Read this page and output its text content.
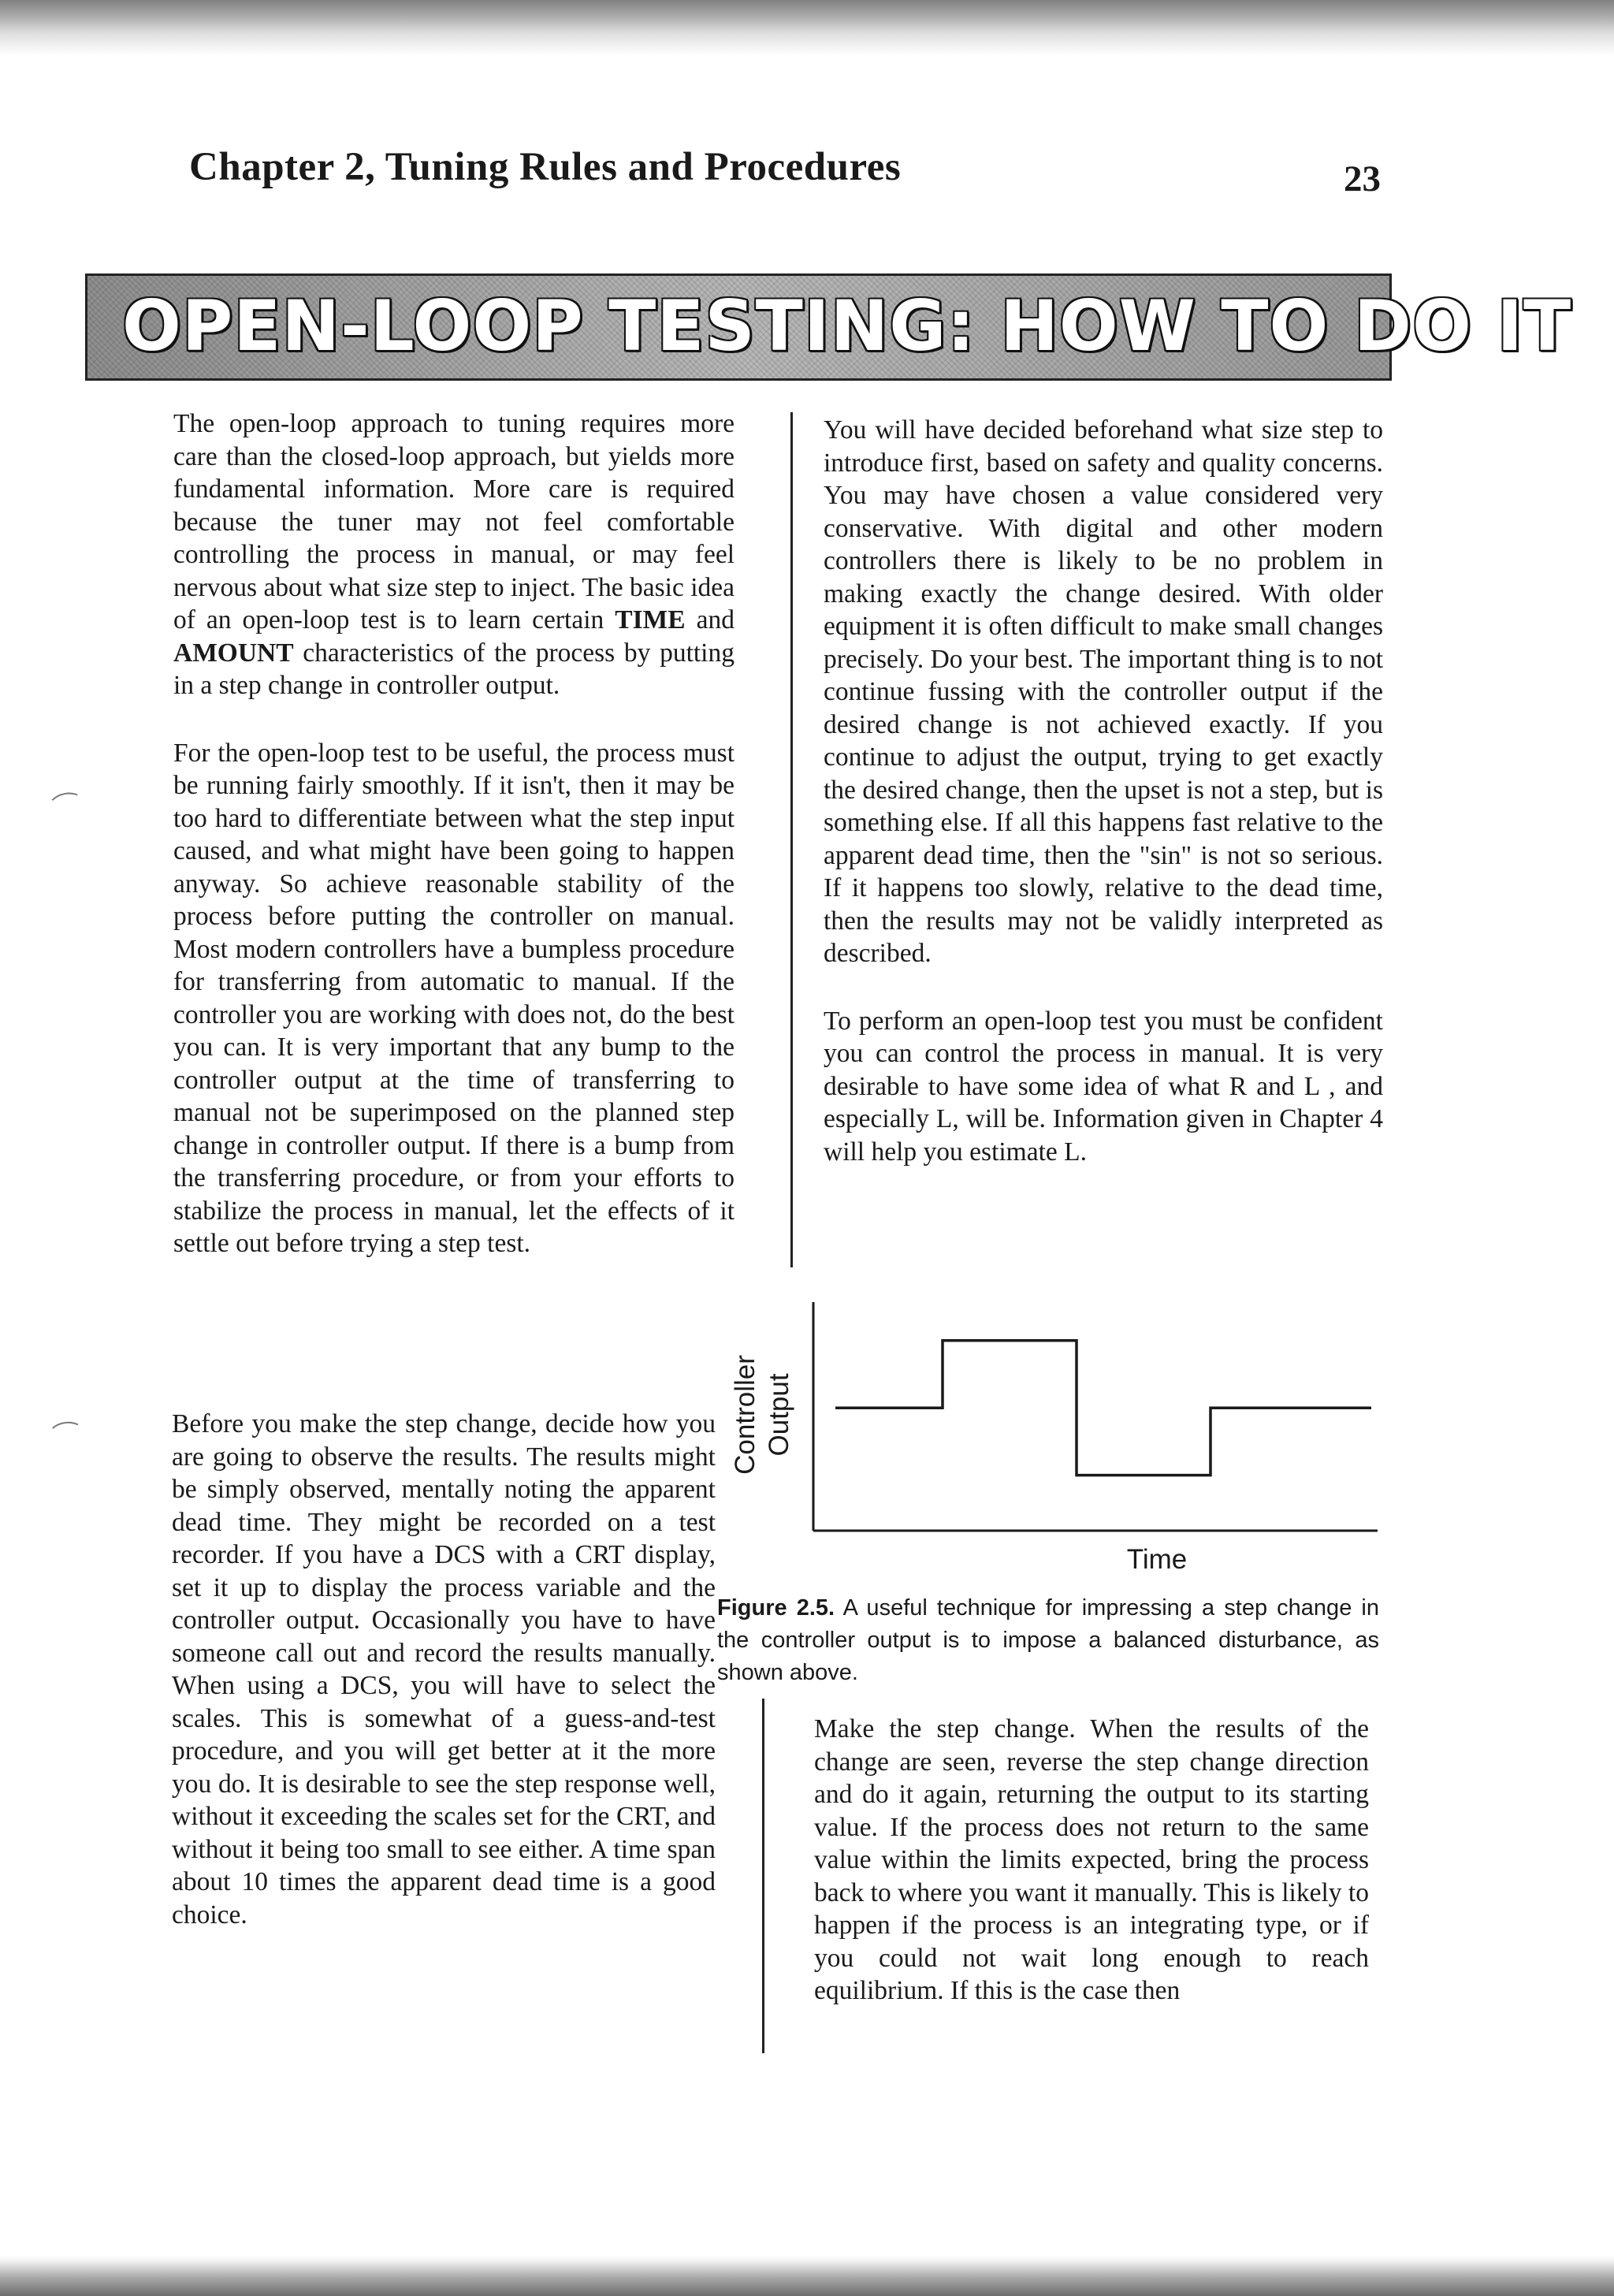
Chapter 2, Tuning Rules and Procedures	23
OPEN-LOOP TESTING: HOW TO DO IT

The open-loop approach to tuning requires more care than the closed-loop approach, but yields more fundamental information. More care is required because the tuner may not feel comfortable controlling the process in manual, or may feel nervous about what size step to inject. The basic idea of an open-loop test is to learn certain TIME and AMOUNT characteristics of the process by putting in a step change in controller output.

For the open-loop test to be useful, the process must be running fairly smoothly. If it isn't, then it may be too hard to differentiate between what the step input caused, and what might have been going to happen anyway. So achieve reasonable stability of the process before putting the controller on manual. Most modern controllers have a bumpless procedure for transferring from automatic to manual. If the controller you are working with does not, do the best you can. It is very important that any bump to the controller output at the time of transferring to manual not be superimposed on the planned step change in controller output. If there is a bump from the transferring procedure, or from your efforts to stabilize the process in manual, let the effects of it settle out before trying a step test.

Before you make the step change, decide how you are going to observe the results. The results might be simply observed, mentally noting the apparent dead time. They might be recorded on a test recorder. If you have a DCS with a CRT display, set it up to display the process variable and the controller output. Occasionally you have to have someone call out and record the results manually. When using a DCS, you will have to select the scales. This is somewhat of a guess-and-test procedure, and you will get better at it the more you do. It is desirable to see the step response well, without it exceeding the scales set for the CRT, and without it being too small to see either. A time span about 10 times the apparent dead time is a good choice.

You will have decided beforehand what size step to introduce first, based on safety and quality concerns. You may have chosen a value considered very conservative. With digital and other modern controllers there is likely to be no problem in making exactly the change desired. With older equipment it is often difficult to make small changes precisely. Do your best. The important thing is to not continue fussing with the controller output if the desired change is not achieved exactly. If you continue to adjust the output, trying to get exactly the desired change, then the upset is not a step, but is something else. If all this happens fast relative to the apparent dead time, then the "sin" is not so serious. If it happens too slowly, relative to the dead time, then the results may not be validly interpreted as described.

To perform an open-loop test you must be confident you can control the process in manual. It is very desirable to have some idea of what R and L , and especially L, will be. Information given in Chapter 4 will help you estimate L.

Controller Output
Time
Figure 2.5. A useful technique for impressing a step change in the controller output is to impose a balanced disturbance, as shown above.

Make the step change. When the results of the change are seen, reverse the step change direction and do it again, returning the output to its starting value. If the process does not return to the same value within the limits expected, bring the process back to where you want it manually. This is likely to happen if the process is an integrating type, or if you could not wait long enough to reach equilibrium. If this is the case then
